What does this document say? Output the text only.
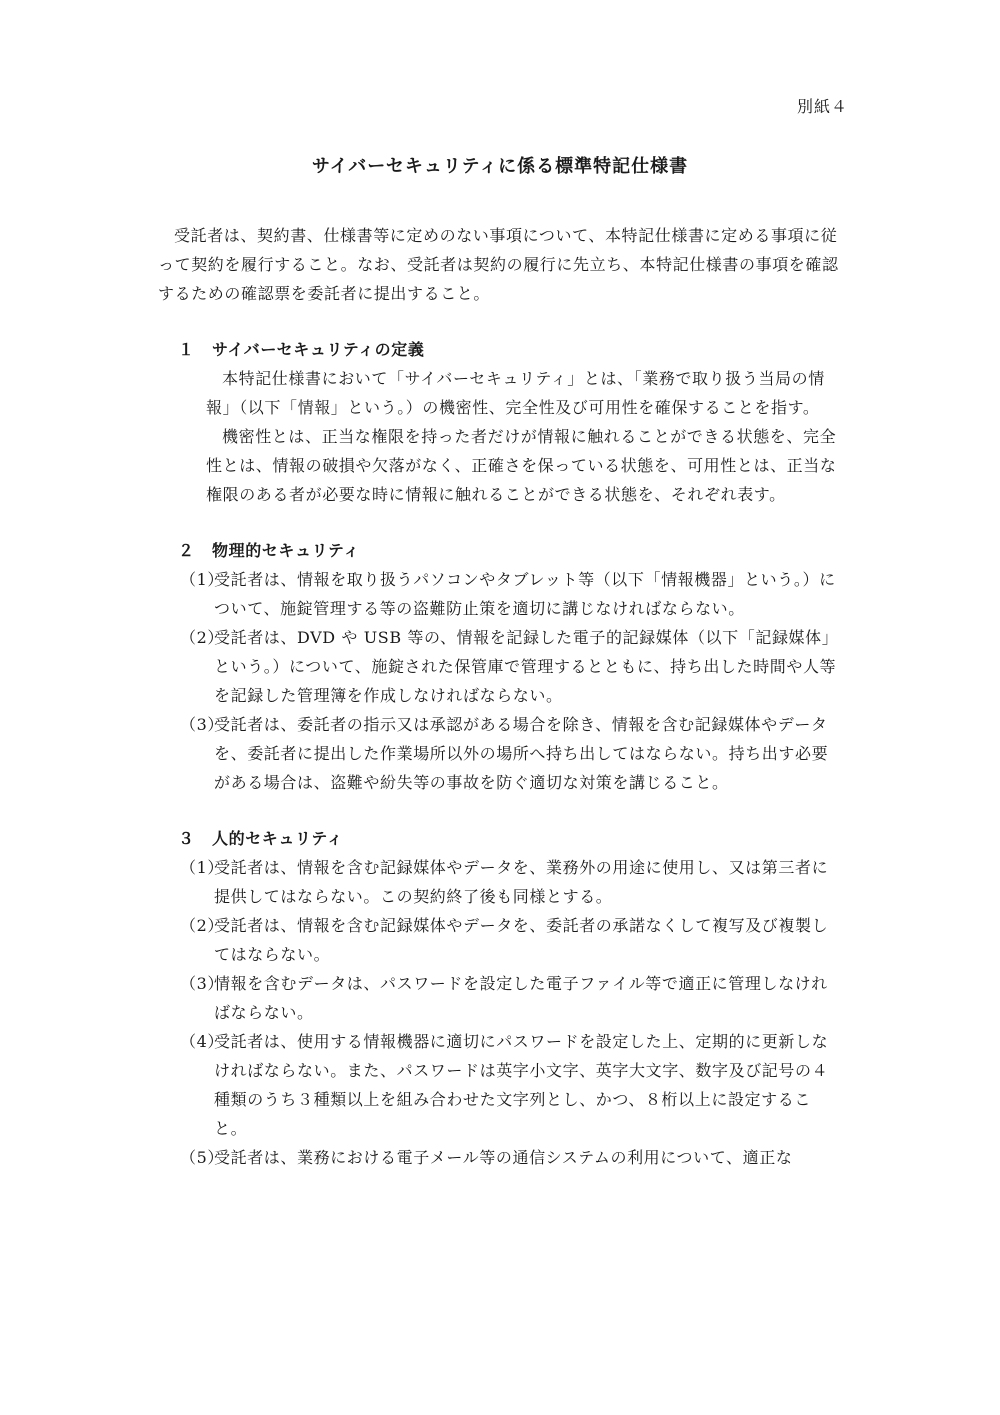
別紙４
サイバーセキュリティに係る標準特記仕様書

受託者は、契約書、仕様書等に定めのない事項について、本特記仕様書に定める事項に従って契約を履行すること。なお、受託者は契約の履行に先立ち、本特記仕様書の事項を確認するための確認票を委託者に提出すること。

１ サイバーセキュリティの定義

本特記仕様書において「サイバーセキュリティ」とは、「業務で取り扱う当局の情報」（以下「情報」という。）の機密性、完全性及び可用性を確保することを指す。

機密性とは、正当な権限を持った者だけが情報に触れることができる状態を、完全性とは、情報の破損や欠落がなく、正確さを保っている状態を、可用性とは、正当な権限のある者が必要な時に情報に触れることができる状態を、それぞれ表す。

２ 物理的セキュリティ

（1）
受託者は、情報を取り扱うパソコンやタブレット等（以下「情報機器」という。）について、施錠管理する等の盗難防止策を適切に講じなければならない。
（2）
受託者は、DVD や USB 等の、情報を記録した電子的記録媒体（以下「記録媒体」という。）について、施錠された保管庫で管理するとともに、持ち出した時間や人等を記録した管理簿を作成しなければならない。
（3）
受託者は、委託者の指示又は承認がある場合を除き、情報を含む記録媒体やデータを、委託者に提出した作業場所以外の場所へ持ち出してはならない。持ち出す必要がある場合は、盗難や紛失等の事故を防ぐ適切な対策を講じること。

３ 人的セキュリティ

（1）
受託者は、情報を含む記録媒体やデータを、業務外の用途に使用し、又は第三者に提供してはならない。この契約終了後も同様とする。
（2）
受託者は、情報を含む記録媒体やデータを、委託者の承諾なくして複写及び複製してはならない。
（3）
情報を含むデータは、パスワードを設定した電子ファイル等で適正に管理しなければならない。
（4）
受託者は、使用する情報機器に適切にパスワードを設定した上、定期的に更新しなければならない。また、パスワードは英字小文字、英字大文字、数字及び記号の４種類のうち３種類以上を組み合わせた文字列とし、かつ、８桁以上に設定すること。
（5）
受託者は、業務における電子メール等の通信システムの利用について、適正な
